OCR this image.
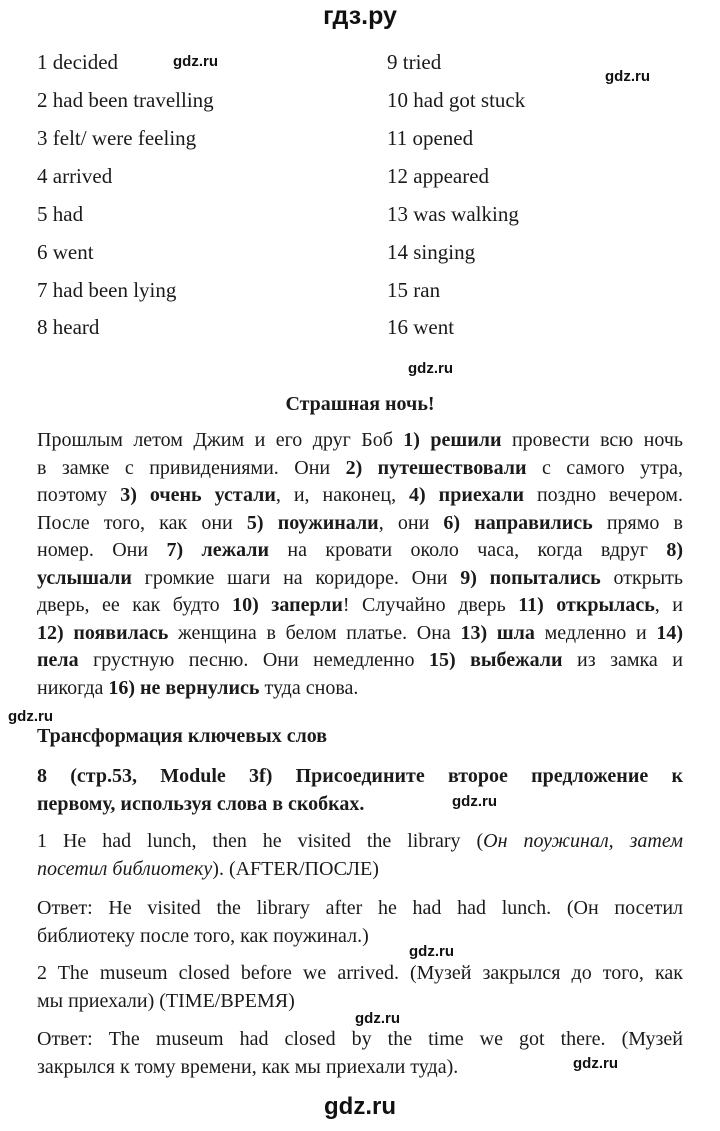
гдз.ру
1 decided
2 had been travelling
3 felt/ were feeling
4 arrived
5 had
6 went
7 had been lying
8 heard
9 tried
10 had got stuck
11 opened
12 appeared
13 was walking
14 singing
15 ran
16 went
gdz.ru
gdz.ru
gdz.ru
gdz.ru
gdz.ru
gdz.ru
gdz.ru
gdz.ru
gdz.ru
Страшная ночь!
Прошлым летом Джим и его друг Боб 1) решили провести всю ночь
в замке с привидениями. Они 2) путешествовали с самого утра,
поэтому 3) очень устали, и, наконец, 4) приехали поздно вечером.
После того, как они 5) поужинали, они 6) направились прямо в
номер. Они 7) лежали на кровати около часа, когда вдруг 8)
услышали громкие шаги на коридоре. Они 9) попытались открыть
дверь, ее как будто 10) заперли! Случайно дверь 11) открылась, и
12) появилась женщина в белом платье. Она 13) шла медленно и 14)
пела грустную песню. Они немедленно 15) выбежали из замка и
никогда 16) не вернулись туда снова.
Трансформация ключевых слов
8 (стр.53, Module 3f) Присоедините второе предложение к
первому, используя слова в скобках.
1 He had lunch, then he visited the library (Он поужинал, затем
посетил библиотеку). (AFTER/ПОСЛЕ)
Ответ: He visited the library after he had had lunch. (Он посетил
библиотеку после того, как поужинал.)
2 The museum closed before we arrived. (Музей закрылся до того, как
мы приехали) (TIME/ВРЕМЯ)
Ответ: The museum had closed by the time we got there. (Музей
закрылся к тому времени, как мы приехали туда).
